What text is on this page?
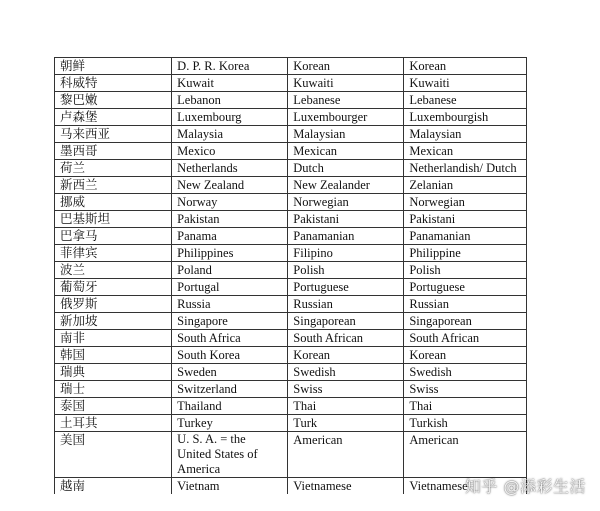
朝鲜	D. P. R. Korea	Korean	Korean
科威特	Kuwait	Kuwaiti	Kuwaiti
黎巴嫩	Lebanon	Lebanese	Lebanese
卢森堡	Luxembourg	Luxembourger	Luxembourgish
马来西亚	Malaysia	Malaysian	Malaysian
墨西哥	Mexico	Mexican	Mexican
荷兰	Netherlands	Dutch	Netherlandish/ Dutch
新西兰	New Zealand	New Zealander	Zelanian
挪威	Norway	Norwegian	Norwegian
巴基斯坦	Pakistan	Pakistani	Pakistani
巴拿马	Panama	Panamanian	Panamanian
菲律宾	Philippines	Filipino	Philippine
波兰	Poland	Polish	Polish
葡萄牙	Portugal	Portuguese	Portuguese
俄罗斯	Russia	Russian	Russian
新加坡	Singapore	Singaporean	Singaporean
南非	South Africa	South African	South African
韩国	South Korea	Korean	Korean
瑞典	Sweden	Swedish	Swedish
瑞士	Switzerland	Swiss	Swiss
泰国	Thailand	Thai	Thai
土耳其	Turkey	Turk	Turkish
美国	U. S. A. = the United States of America	American	American
越南	Vietnam	Vietnamese	Vietnamese
知乎 @添彩生活
